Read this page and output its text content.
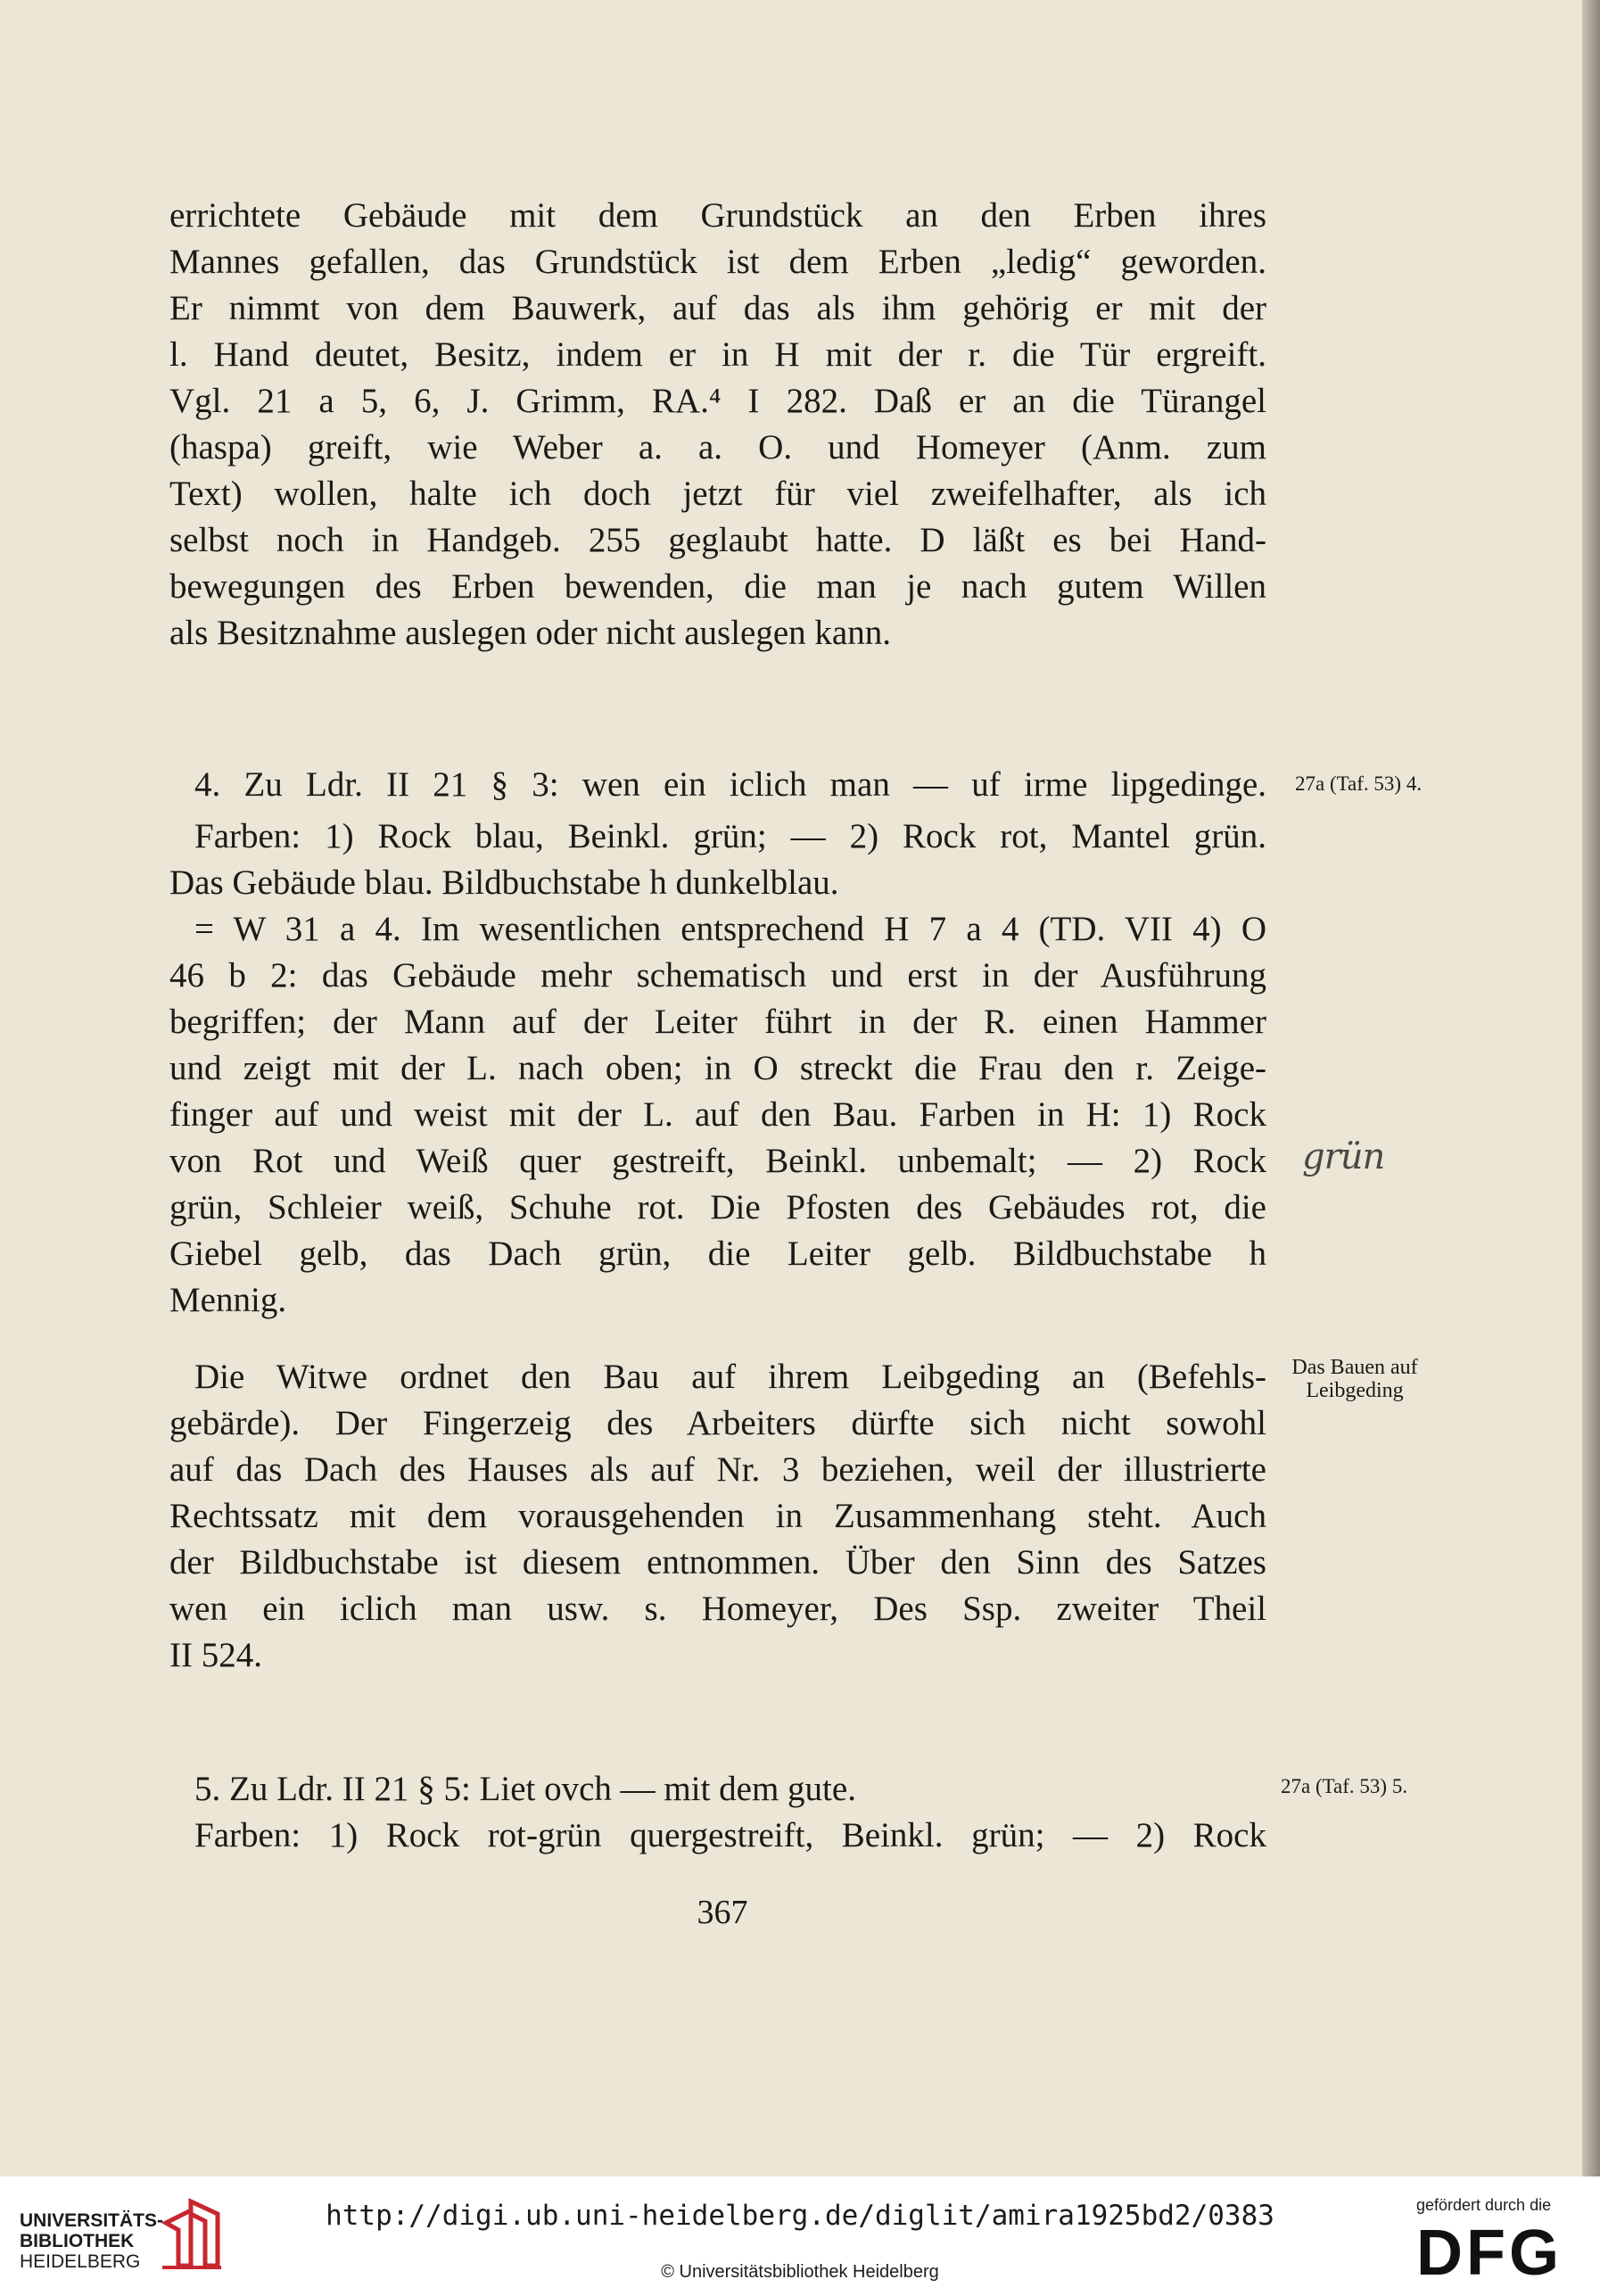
errichtete Gebäude mit dem Grundstück an den Erben ihres
Mannes gefallen, das Grundstück ist dem Erben „ledig“ geworden.
Er nimmt von dem Bauwerk, auf das als ihm gehörig er mit der
l. Hand deutet, Besitz, indem er in H mit der r. die Tür ergreift.
Vgl. 21 a 5, 6, J. Grimm, RA.⁴ I 282. Daß er an die Türangel
(haspa) greift, wie Weber a. a. O. und Homeyer (Anm. zum
Text) wollen, halte ich doch jetzt für viel zweifelhafter, als ich
selbst noch in Handgeb. 255 geglaubt hatte. D läßt es bei Hand-
bewegungen des Erben bewenden, die man je nach gutem Willen
als Besitznahme auslegen oder nicht auslegen kann.
4. Zu Ldr. II 21 § 3: wen ein iclich man — uf irme lipgedinge.
Farben: 1) Rock blau, Beinkl. grün; — 2) Rock rot, Mantel grün.
Das Gebäude blau. Bildbuchstabe h dunkelblau.
= W 31 a 4. Im wesentlichen entsprechend H 7 a 4 (TD. VII 4) O
46 b 2: das Gebäude mehr schematisch und erst in der Ausführung
begriffen; der Mann auf der Leiter führt in der R. einen Hammer
und zeigt mit der L. nach oben; in O streckt die Frau den r. Zeige-
finger auf und weist mit der L. auf den Bau. Farben in H: 1) Rock
von Rot und Weiß quer gestreift, Beinkl. unbemalt; — 2) Rock
grün, Schleier weiß, Schuhe rot. Die Pfosten des Gebäudes rot, die
Giebel gelb, das Dach grün, die Leiter gelb. Bildbuchstabe h
Mennig.
Die Witwe ordnet den Bau auf ihrem Leibgeding an (Befehls-
gebärde). Der Fingerzeig des Arbeiters dürfte sich nicht sowohl
auf das Dach des Hauses als auf Nr. 3 beziehen, weil der illustrierte
Rechtssatz mit dem vorausgehenden in Zusammenhang steht. Auch
der Bildbuchstabe ist diesem entnommen. Über den Sinn des Satzes
wen ein iclich man usw. s. Homeyer, Des Ssp. zweiter Theil
II 524.
5. Zu Ldr. II 21 § 5: Liet ovch — mit dem gute.
Farben: 1) Rock rot-grün quergestreift, Beinkl. grün; — 2) Rock
27a (Taf. 53) 4.
27a (Taf. 53) 5.
Das Bauen auf
Leibgeding
grün
367
UNIVERSITÄTS-
BIBLIOTHEK
HEIDELBERG
http://digi.ub.uni-heidelberg.de/diglit/amira1925bd2/0383
© Universitätsbibliothek Heidelberg
gefördert durch die
DFG
